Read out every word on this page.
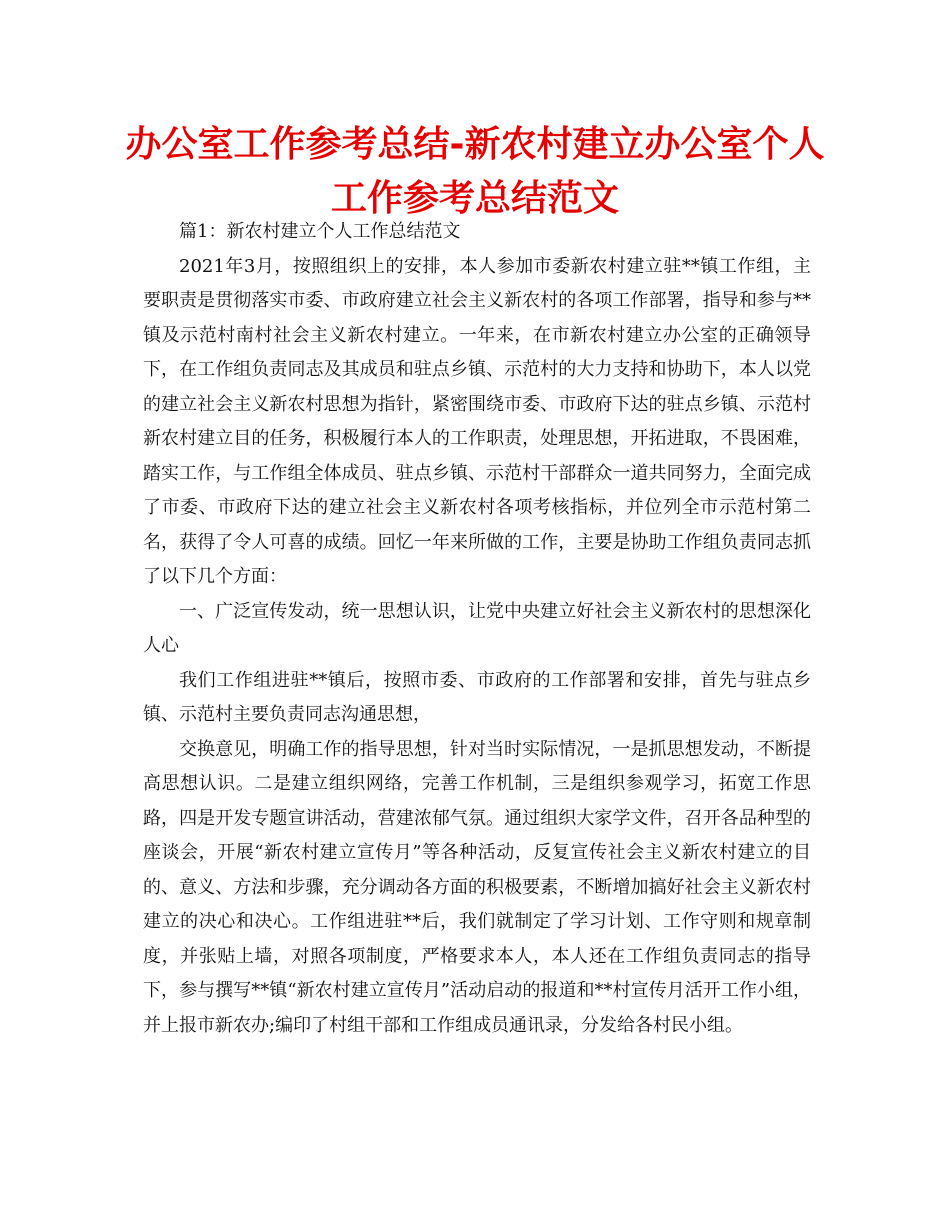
办公室工作参考总结-新农村建立办公室个人工作参考总结范文

篇1：新农村建立个人工作总结范文

2021年3月，按照组织上的安排，本人参加市委新农村建立驻**镇工作组，主要职责是贯彻落实市委、市政府建立社会主义新农村的各项工作部署，指导和参与**镇及示范村南村社会主义新农村建立。一年来，在市新农村建立办公室的正确领导下，在工作组负责同志及其成员和驻点乡镇、示范村的大力支持和协助下，本人以党的建立社会主义新农村思想为指针，紧密围绕市委、市政府下达的驻点乡镇、示范村新农村建立目的任务，积极履行本人的工作职责，处理思想，开拓进取，不畏困难，踏实工作，与工作组全体成员、驻点乡镇、示范村干部群众一道共同努力，全面完成了市委、市政府下达的建立社会主义新农村各项考核指标，并位列全市示范村第二名，获得了令人可喜的成绩。回忆一年来所做的工作，主要是协助工作组负责同志抓了以下几个方面：

一、广泛宣传发动，统一思想认识，让党中央建立好社会主义新农村的思想深化人心

我们工作组进驻**镇后，按照市委、市政府的工作部署和安排，首先与驻点乡镇、示范村主要负责同志沟通思想，

交换意见，明确工作的指导思想，针对当时实际情况，一是抓思想发动，不断提高思想认识。二是建立组织网络，完善工作机制，三是组织参观学习，拓宽工作思路，四是开发专题宣讲活动，营建浓郁气氛。通过组织大家学文件，召开各品种型的座谈会，开展“新农村建立宣传月”等各种活动，反复宣传社会主义新农村建立的目的、意义、方法和步骤，充分调动各方面的积极要素，不断增加搞好社会主义新农村建立的决心和决心。工作组进驻**后，我们就制定了学习计划、工作守则和规章制度，并张贴上墙，对照各项制度，严格要求本人，本人还在工作组负责同志的指导下，参与撰写**镇“新农村建立宣传月”活动启动的报道和**村宣传月活开工作小组，并上报市新农办;编印了村组干部和工作组成员通讯录，分发给各村民小组。
